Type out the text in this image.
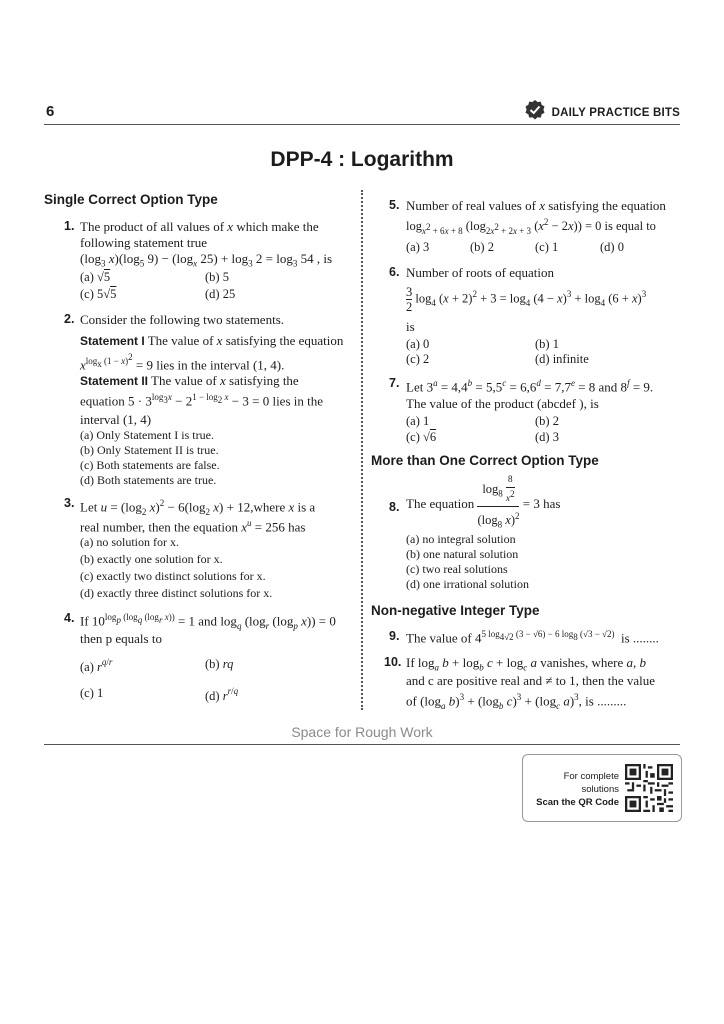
6	DAILY PRACTICE BITS
DPP-4 : Logarithm
Single Correct Option Type
1. The product of all values of x which make the
following statement true
($\log_3$ $x)(\log_5$ $9) - (\log_x$ $25) + \log_3 2 = \log_3 54$ , is
(a) √5	(b) 5
(c) 5√5	(d) 25
2. Consider the following two statements.
Statement I The value of x satisfying the equation
$x^{log_x (1 - x)^2} = 9$ lies in the interval (1, 4).
Statement II The value of x satisfying the
equation $5 \cdot 3^{log_3x} - 2^{1 - log_2 x} - 3 = 0$ lies in the
interval (1, 4)
(a) Only Statement I is true.
(b) Only Statement II is true.
(c) Both statements are false.
(d) Both statements are true.
3. Let $u = (\log_2$ $x)^2 - 6(\log_2$ x) + 12,where x is a
real number, then the equation $x^u = 256$ has
(a) no solution for x.
(b) exactly one solution for x.
(c) exactly two distinct solutions for x.
(d) exactly three distinct solutions for x.
4. If $10^{log_p (log_q (log_r x))} = 1$ and $\log_q (\log_r$ ($\log_p$ x)) = 0
then p equals to
(a) $r^{q/r}$	(b) rq
(c) 1	(d) $r^{r/q}$
5. Number of real values of x satisfying the equation
$\log_{x^2 + 6x + 8} (\log_{2x^2 + 2x + 3}$ $(x^2 - 2x)) = 0$ is equal to
(a) 3	(b) 2	(c) 1	(d) 0
6. Number of roots of equation
$\frac{3}{2} \log_4 (x + 2)^2 + 3 = \log_4 (4 - x)^3 + \log_4 (6 + x)^3$
is
(a) 0	(b) 1
(c) 2	(d) infinite
7. Let $3^a = 4,4^b = 5,5^c = 6,6^d = 7,7^e = 8$ and $8^f = 9$.
The value of the product (abcdef ), is
(a) 1	(b) 2
(c) √6	(d) 3
More than One Correct Option Type
8. The equation $\frac{\log_8 \frac{8}{x^2}}{(\log_8 x)^2} = 3$ has
(a) no integral solution
(b) one natural solution
(c) two real solutions
(d) one irrational solution
Non-negative Integer Type
9. The value of $4^{5 log_{4√2} (3 - √6) - 6 log_8 (√3 - √2)}$ is ........
10. If $\log_a b + \log_b c + \log_c a$ vanishes, where a, b
and c are positive real and ≠ to 1, then the value
of ($\log_a$ $b)^3 + (\log_b$ $c)^3 + (\log_c$ a)$^3$, is .........
Space for Rough Work
For complete
solutions
Scan the QR Code
